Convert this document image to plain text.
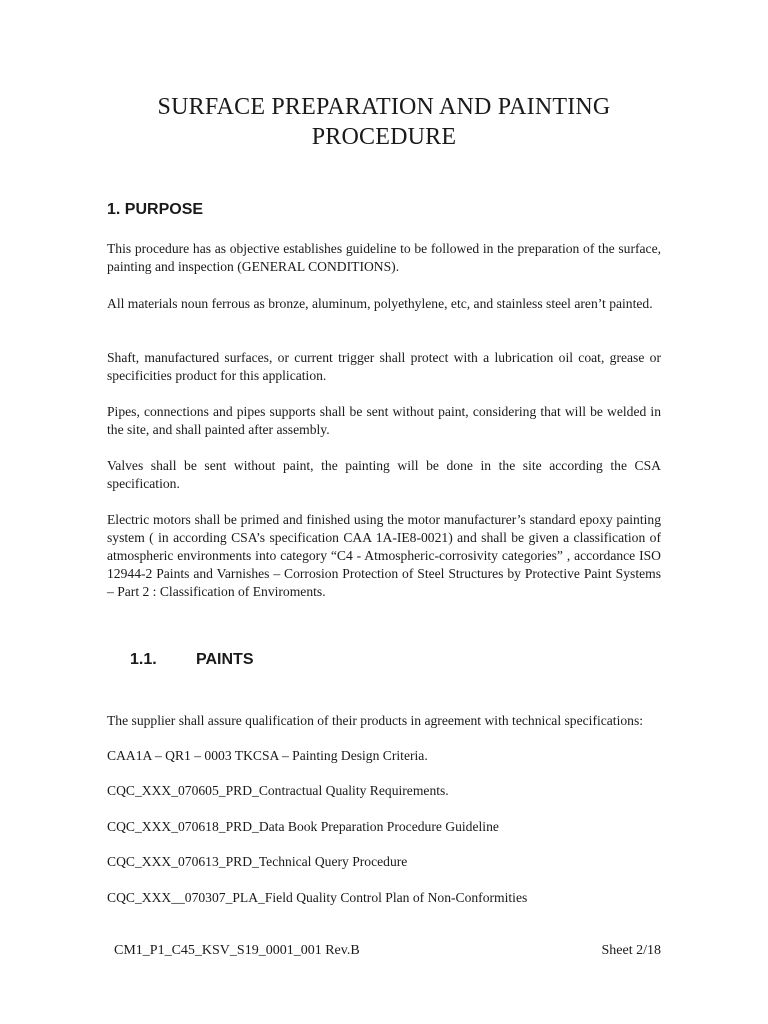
SURFACE PREPARATION AND PAINTING
PROCEDURE
1. PURPOSE

This procedure has as objective establishes guideline to be followed in the preparation of the surface, painting and inspection (GENERAL CONDITIONS).

All materials noun ferrous as bronze, aluminum, polyethylene, etc, and stainless steel aren’t painted.

Shaft, manufactured surfaces, or current trigger shall protect with a lubrication oil coat, grease or specificities product for this application.

Pipes, connections and pipes supports shall be sent without paint, considering that will be welded in the site, and shall painted after assembly.

Valves shall be sent without paint, the painting will be done in the site according the CSA specification.

Electric motors shall be primed and finished using the motor manufacturer’s standard epoxy painting system ( in according CSA’s specification CAA 1A-IE8-0021) and shall be given a classification of atmospheric environments into category “C4 - Atmospheric-corrosivity categories” , accordance ISO 12944-2 Paints and Varnishes – Corrosion Protection of Steel Structures by Protective Paint Systems – Part 2 : Classification of Enviroments.

1.1. PAINTS

The supplier shall assure qualification of their products in agreement with technical specifications:

CAA1A – QR1 – 0003 TKCSA – Painting Design Criteria.
CQC_XXX_070605_PRD_Contractual Quality Requirements.
CQC_XXX_070618_PRD_Data Book Preparation Procedure Guideline
CQC_XXX_070613_PRD_Technical Query Procedure
CQC_XXX__070307_PLA_Field Quality Control Plan of Non-Conformities
CM1_P1_C45_KSV_S19_0001_001 Rev.B	Sheet 2/18
